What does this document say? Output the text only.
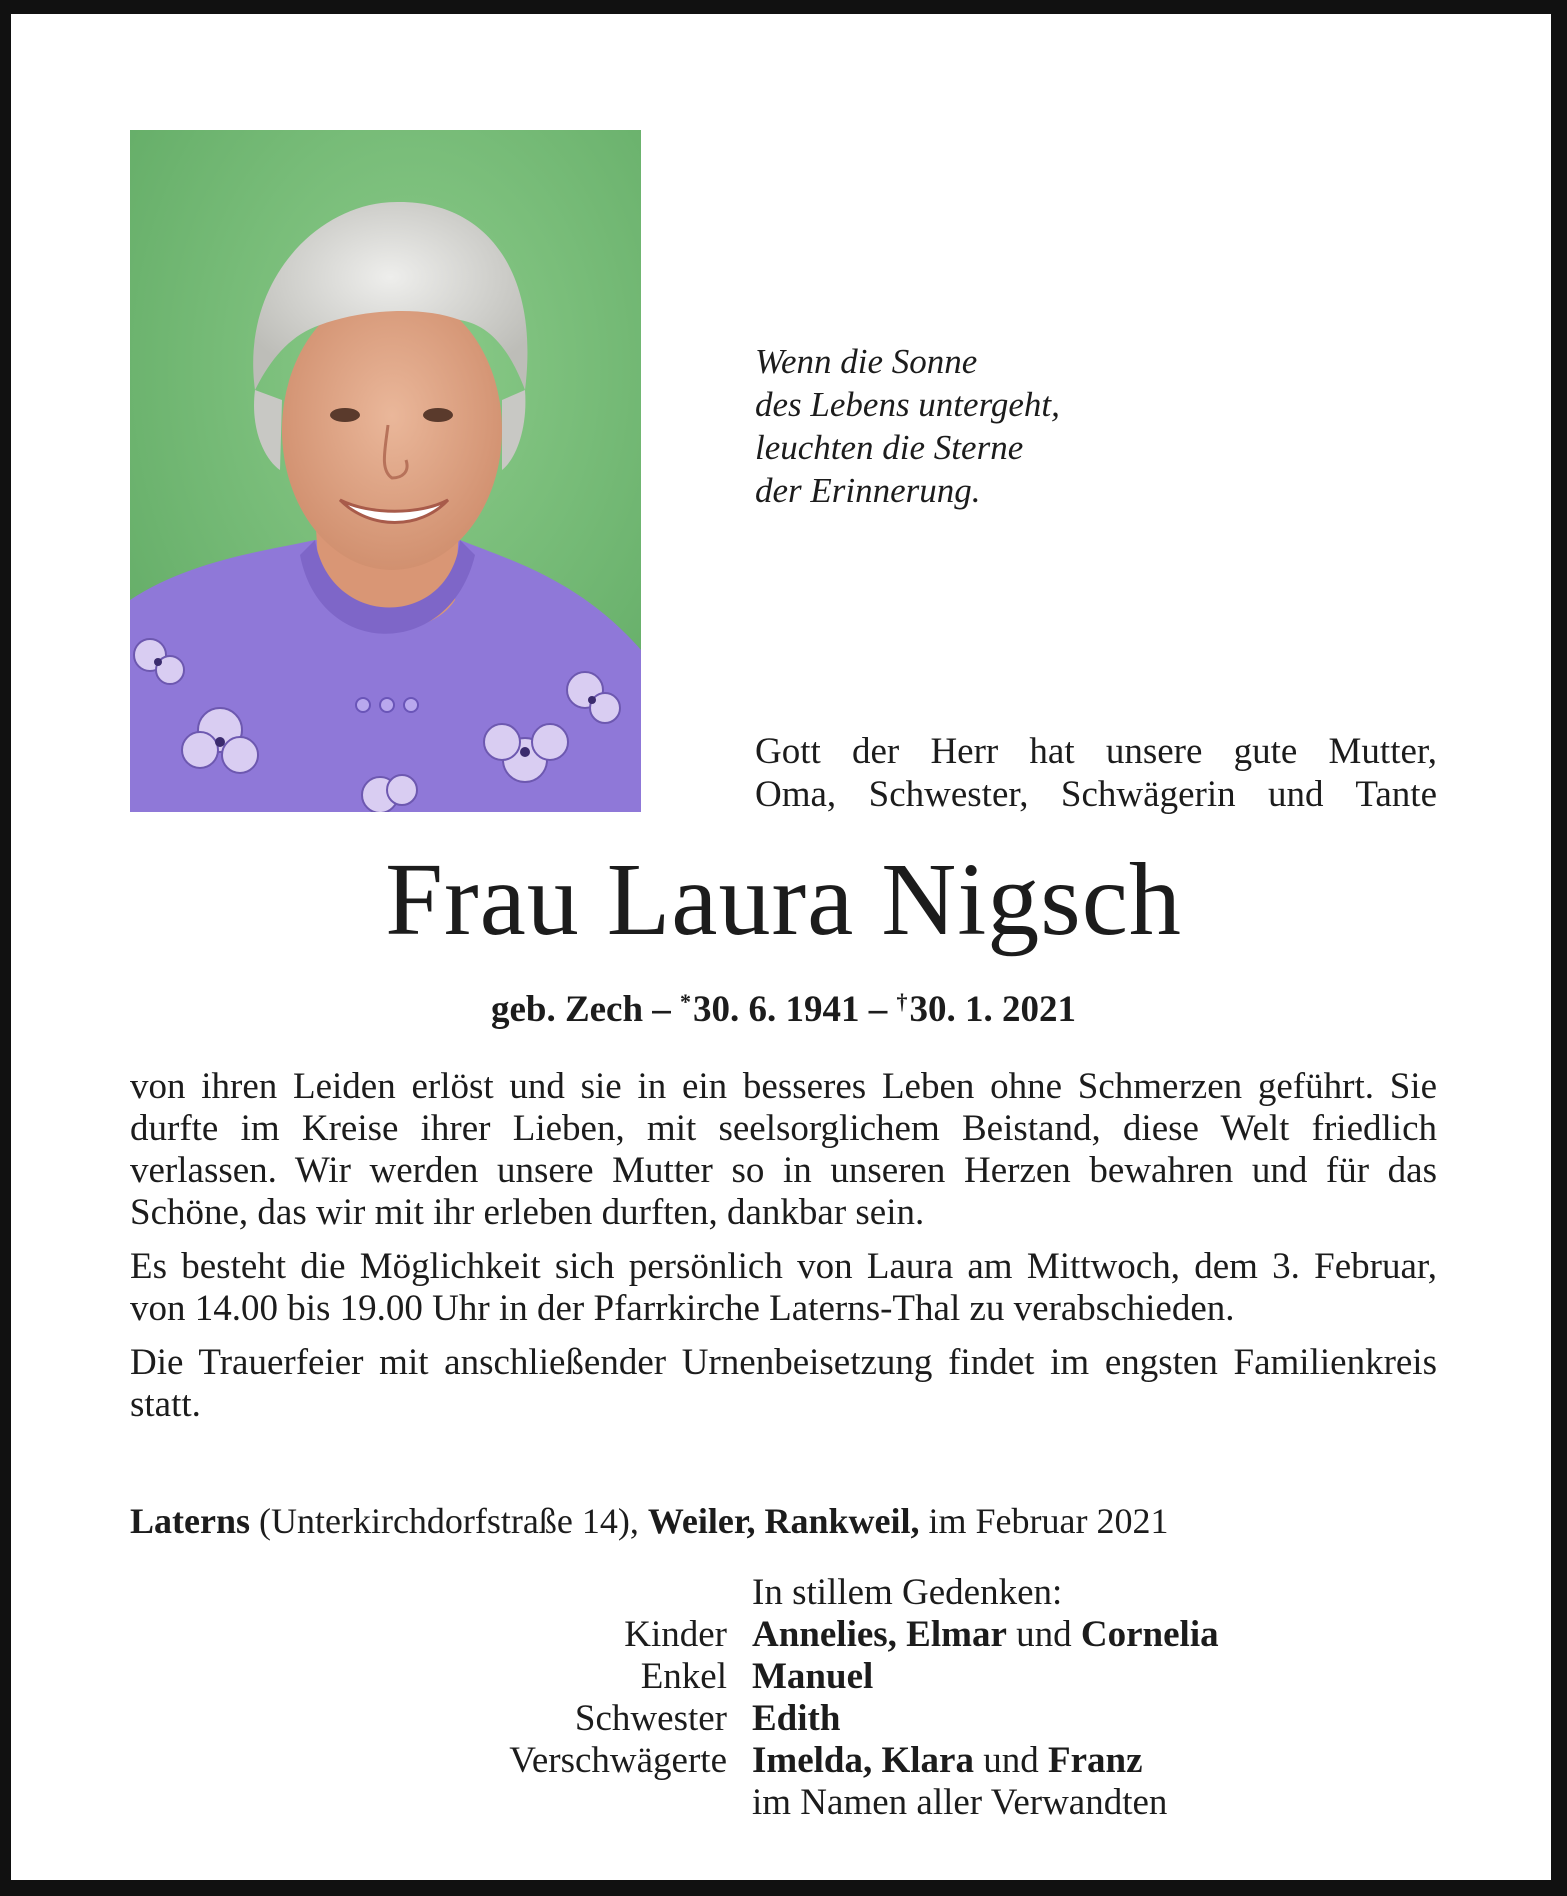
Wenn die Sonne
des Lebens untergeht,
leuchten die Sterne
der Erinnerung.
Gott der Herr hat unsere gute Mutter,
Oma, Schwester, Schwägerin und Tante
Frau Laura Nigsch
geb. Zech – *30. 6. 1941 – †30. 1. 2021

von ihren Leiden erlöst und sie in ein besseres Leben ohne Schmerzen geführt. Sie durfte im Kreise ihrer Lieben, mit seelsorglichem Beistand, diese Welt friedlich verlassen. Wir werden unsere Mutter so in unseren Herzen bewahren und für das Schöne, das wir mit ihr erleben durften, dankbar sein.

Es besteht die Möglichkeit sich persönlich von Laura am Mittwoch, dem 3. Februar, von 14.00 bis 19.00 Uhr in der Pfarrkirche Laterns-Thal zu verabschieden.

Die Trauerfeier mit anschließender Urnenbeisetzung findet im engsten Familienkreis statt.

Laterns (Unterkirchdorfstraße 14), Weiler, Rankweil, im Februar 2021
In stillem Gedenken:
Kinder Annelies, Elmar und Cornelia
Enkel Manuel
Schwester Edith
Verschwägerte Imelda, Klara und Franz
im Namen aller Verwandten
